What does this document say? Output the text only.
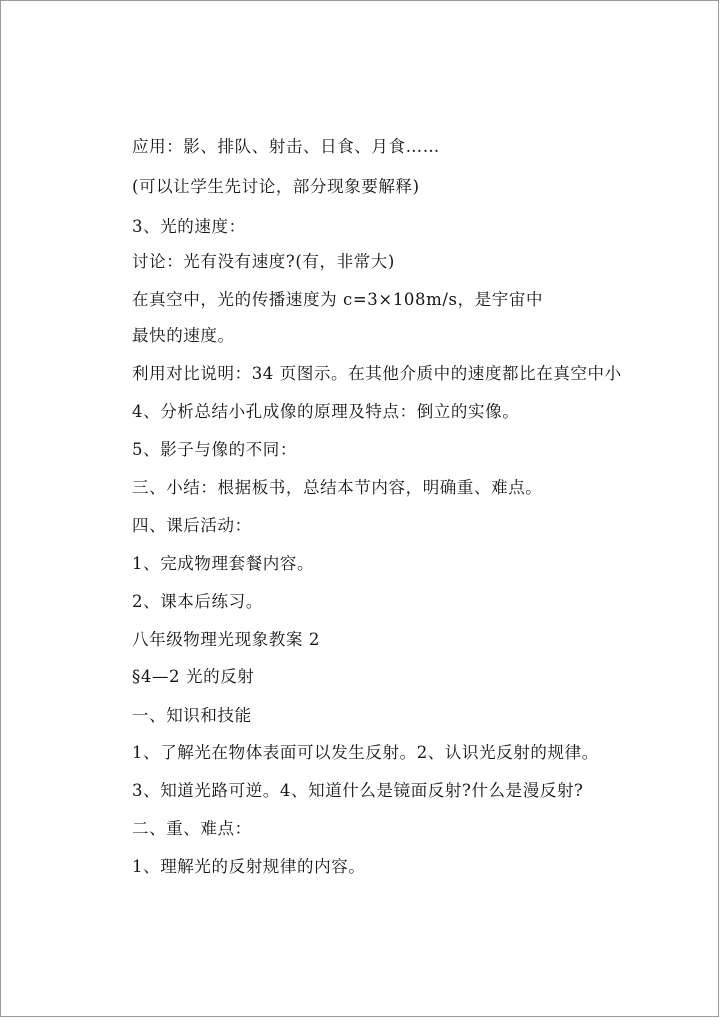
应用：影、排队、射击、日食、月食……

(可以让学生先讨论，部分现象要解释)

3、光的速度：

讨论：光有没有速度?(有，非常大)

在真空中，光的传播速度为 c=3×108m/s，是宇宙中

最快的速度。

利用对比说明：34 页图示。在其他介质中的速度都比在真空中小

4、分析总结小孔成像的原理及特点：倒立的实像。

5、影子与像的不同：

三、小结：根据板书，总结本节内容，明确重、难点。

四、课后活动：

1、完成物理套餐内容。

2、课本后练习。

八年级物理光现象教案 2

§4—2 光的反射

一、知识和技能

1、了解光在物体表面可以发生反射。2、认识光反射的规律。

3、知道光路可逆。4、知道什么是镜面反射?什么是漫反射?

二、重、难点：

1、理解光的反射规律的内容。
